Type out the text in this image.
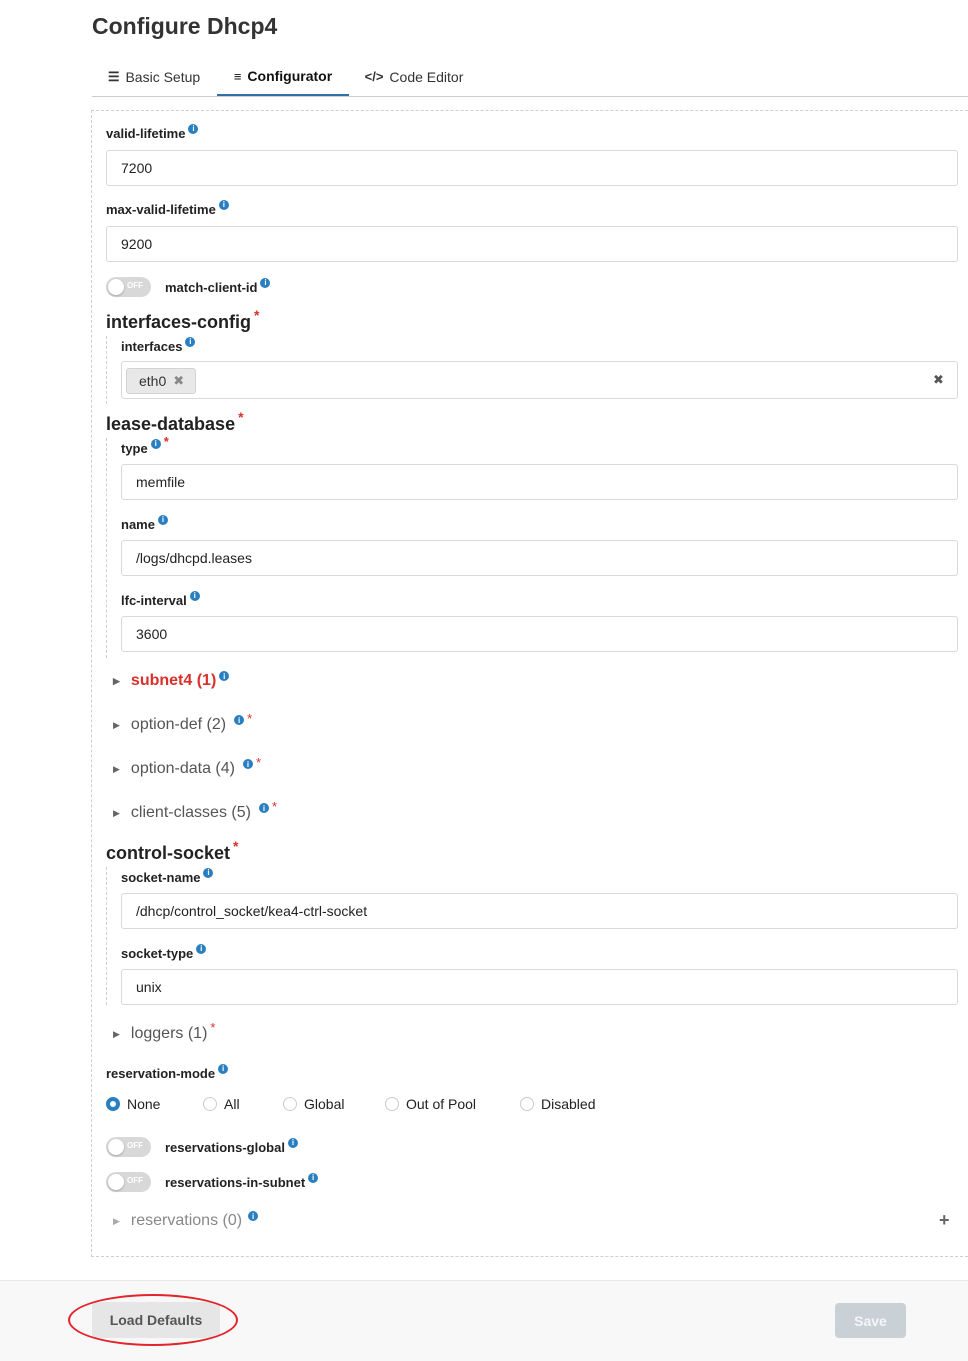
Configure Dhcp4
☰ Basic Setup	≡ Configurator </> Code Editor
valid-lifetime i
7200
max-valid-lifetime i
9200
OFF match-client-id i
interfaces-config *
interfaces i
eth0 ✖	✖
lease-database *
type i *
memfile
name i
/logs/dhcpd.leases
lfc-interval i
3600
▶ subnet4 (1) i
▶ option-def (2)	i *
▶ option-data (4)	i *
▶ client-classes (5)	i *
control-socket *
socket-name i
/dhcp/control_socket/kea4-ctrl-socket
socket-type i
unix
▶ loggers (1) *
reservation-mode i
None	All	Global	Out of Pool	Disabled
OFF reservations-global i
OFF reservations-in-subnet i
▶ reservations (0)	i	+
Load Defaults	Save
